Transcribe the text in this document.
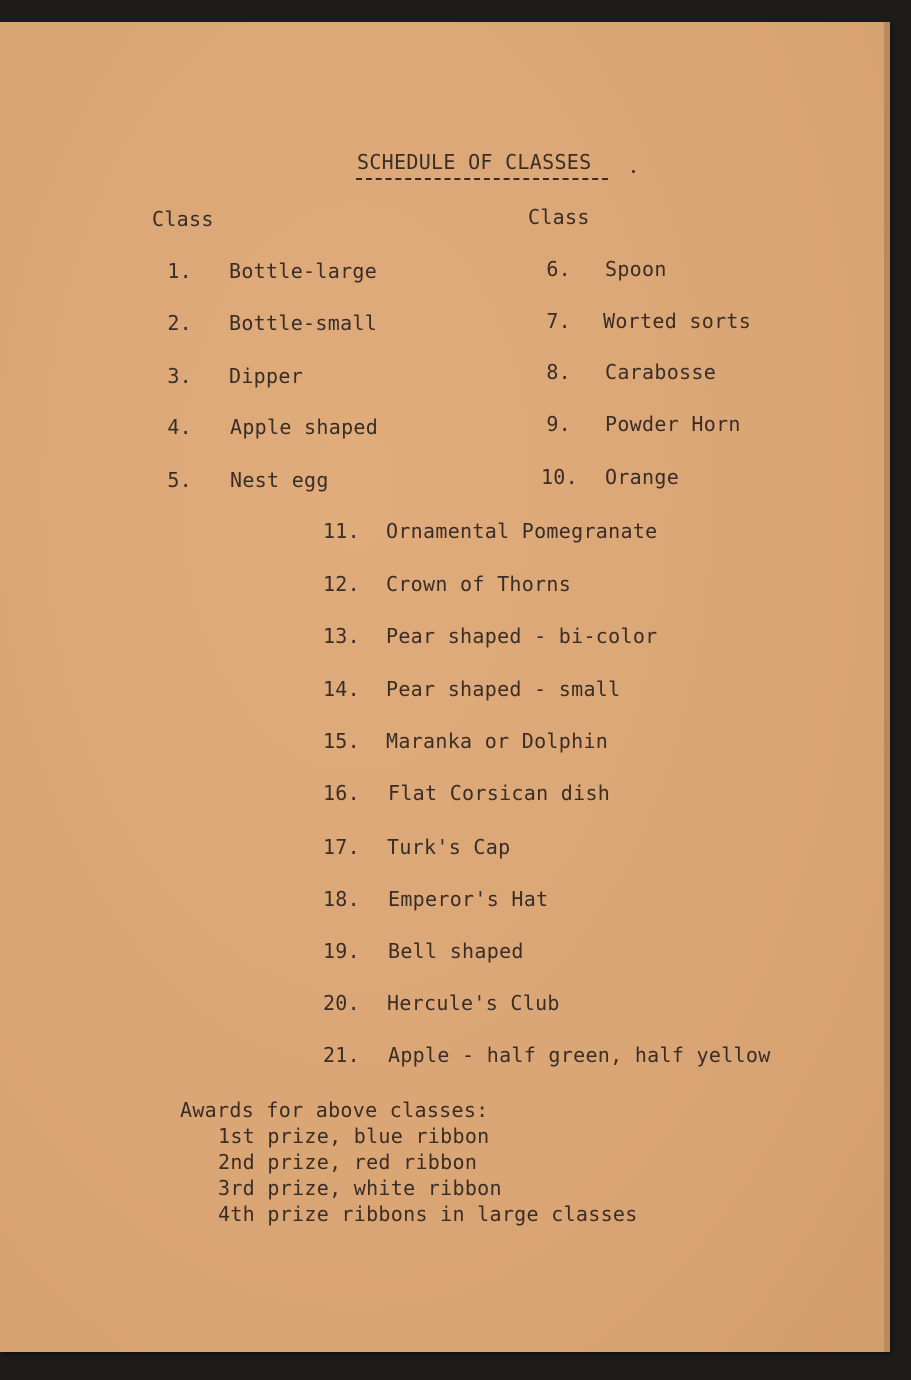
SCHEDULE OF CLASSES
Class
1. Bottle-large
2. Bottle-small
3. Dipper
4. Apple shaped
5. Nest egg
Class
6. Spoon
7. Worted sorts
8. Carabosse
9. Powder Horn
10. Orange
11. Ornamental Pomegranate
12. Crown of Thorns
13. Pear shaped - bi-color
14. Pear shaped - small
15. Maranka or Dolphin
16. Flat Corsican dish
17. Turk's Cap
18. Emperor's Hat
19. Bell shaped
20. Hercule's Club
21. Apple - half green, half yellow
Awards for above classes:
1st prize, blue ribbon
2nd prize, red ribbon
3rd prize, white ribbon
4th prize ribbons in large classes
